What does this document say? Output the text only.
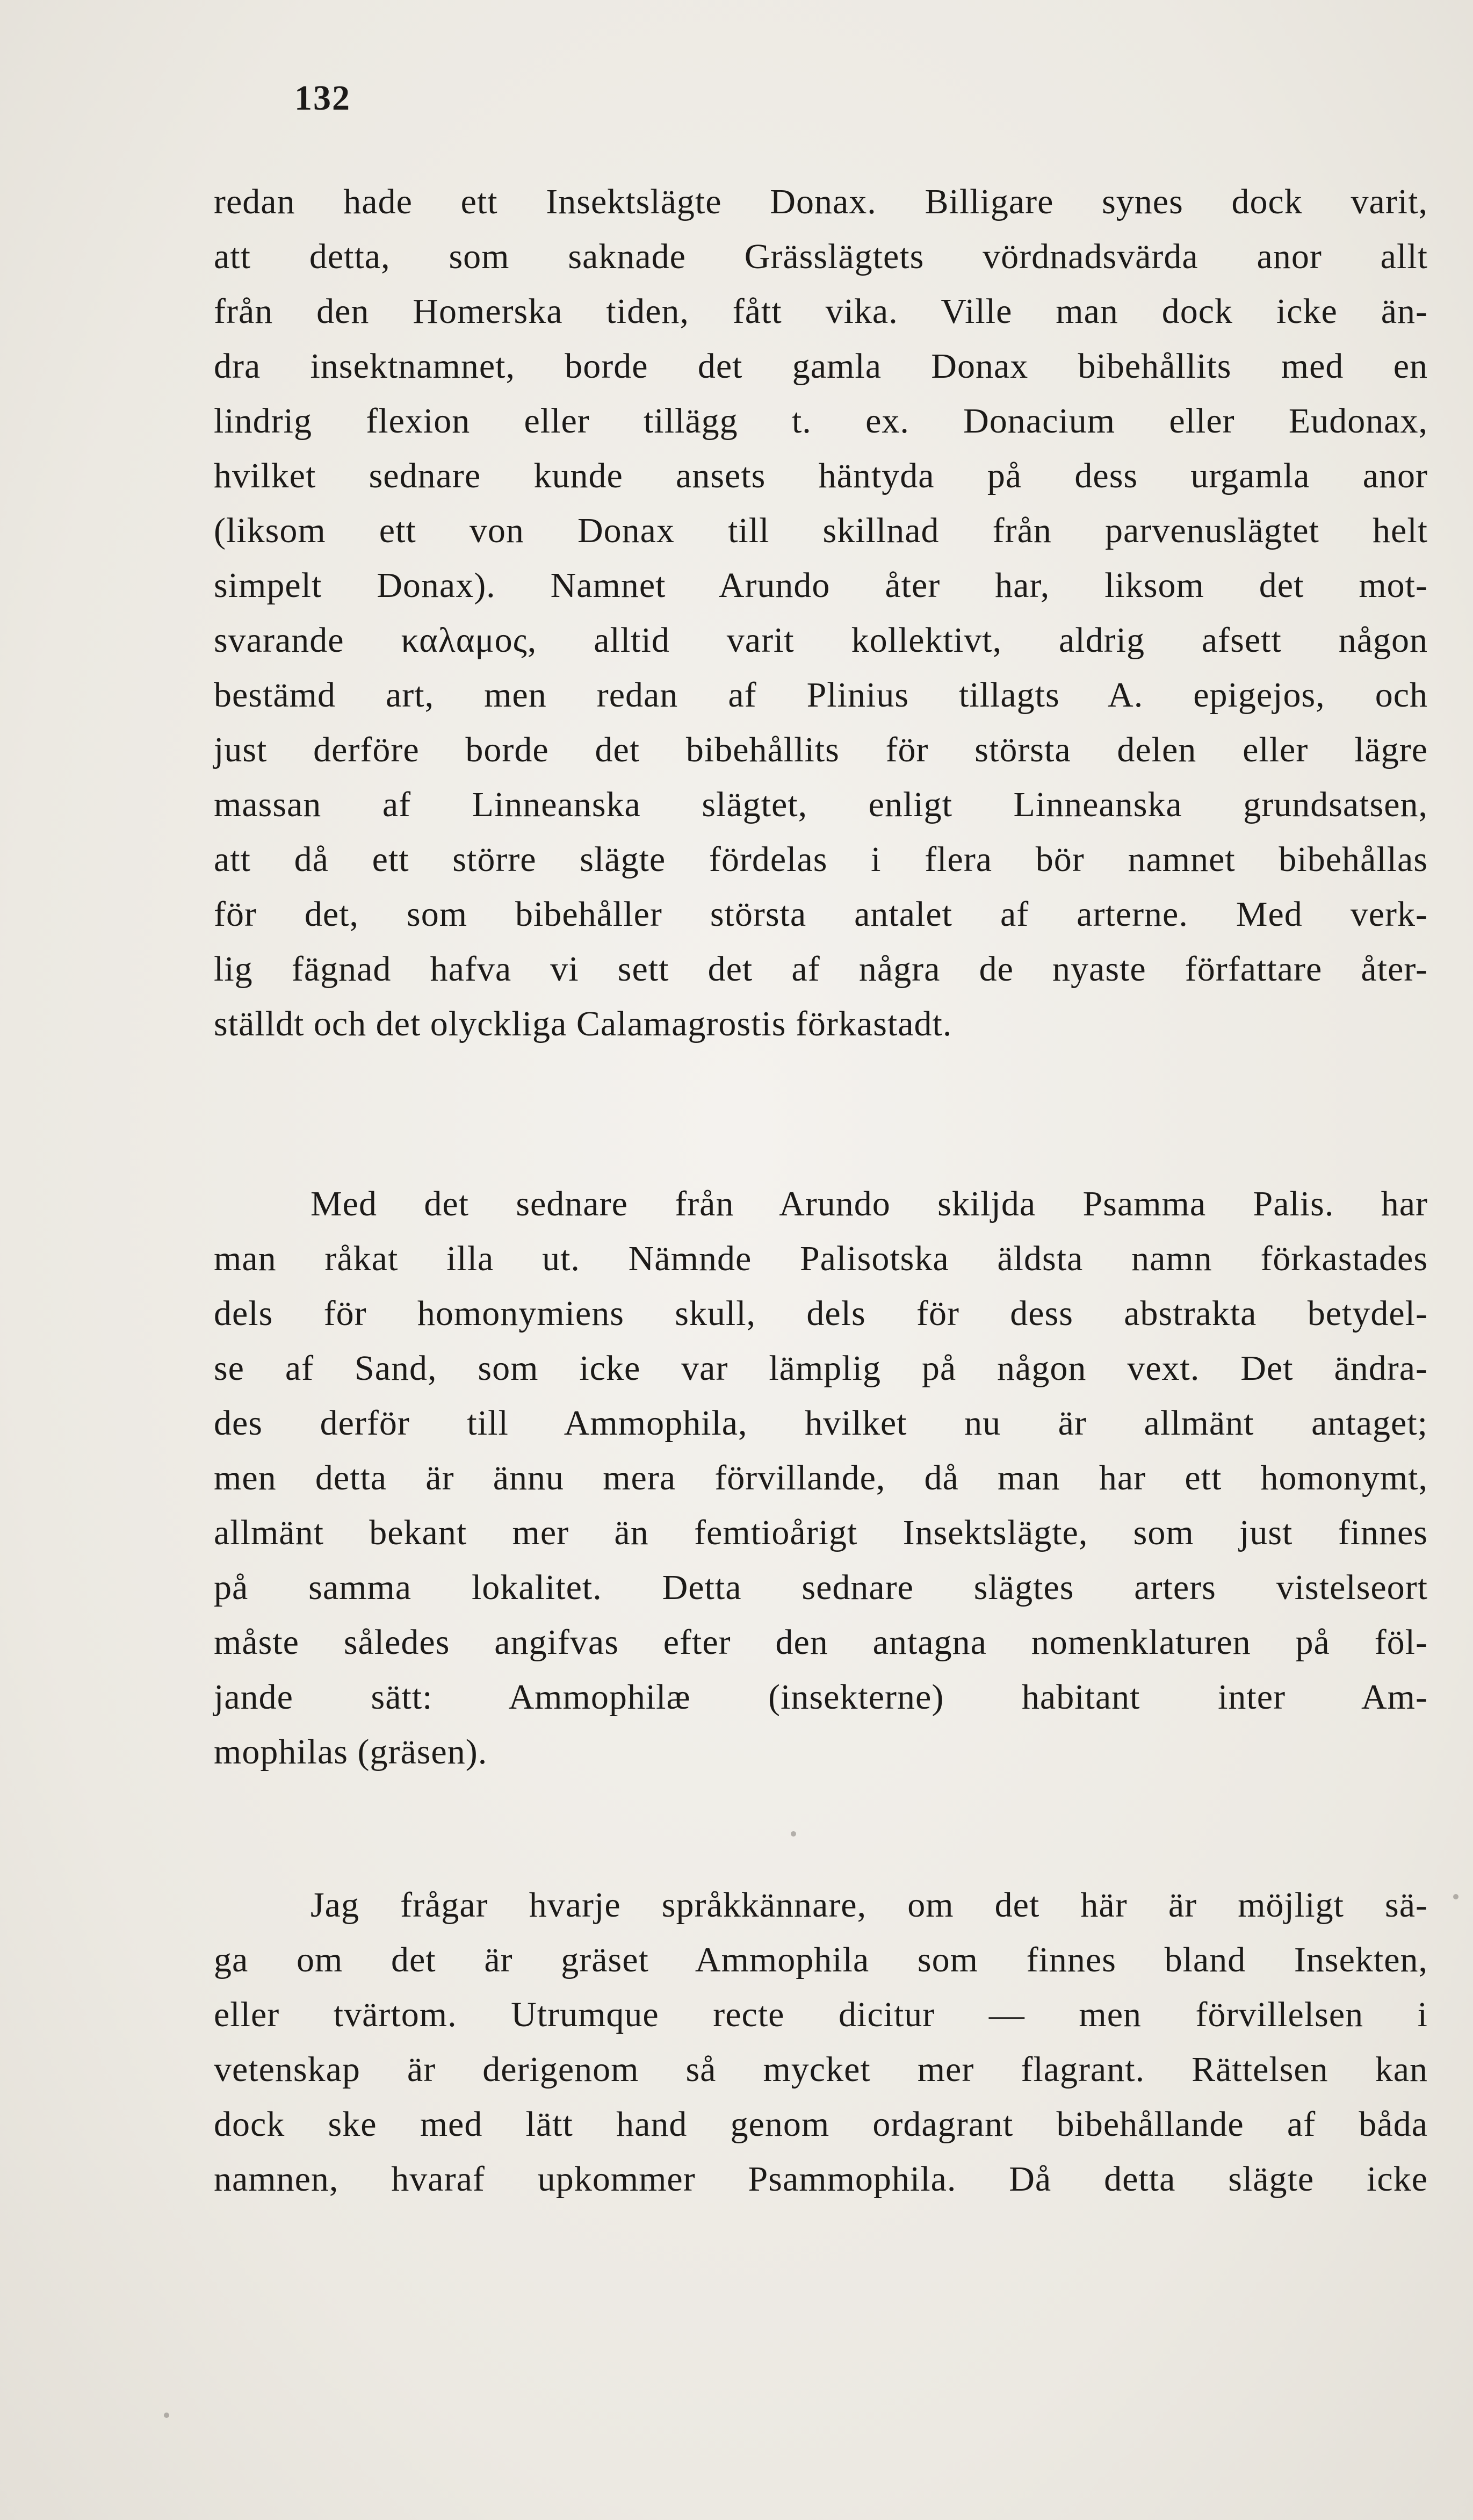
132
redan hade ett Insektslägte Donax. Billigare synes dock varit,
att detta, som saknade Grässlägtets vördnadsvärda anor allt
från den Homerska tiden, fått vika. Ville man dock icke än-
dra insektnamnet, borde det gamla Donax bibehållits med en
lindrig flexion eller tillägg t. ex. Donacium eller Eudonax,
hvilket sednare kunde ansets häntyda på dess urgamla anor
(liksom ett von Donax till skillnad från parvenuslägtet helt
simpelt Donax). Namnet Arundo åter har, liksom det mot-
svarande καλαμος, alltid varit kollektivt, aldrig afsett någon
bestämd art, men redan af Plinius tillagts A. epigejos, och
just derföre borde det bibehållits för största delen eller lägre
massan af Linneanska slägtet, enligt Linneanska grundsatsen,
att då ett större slägte fördelas i flera bör namnet bibehållas
för det, som bibehåller största antalet af arterne. Med verk-
lig fägnad hafva vi sett det af några de nyaste författare åter-
ställdt och det olyckliga Calamagrostis förkastadt.
Med det sednare från Arundo skiljda Psamma Palis. har
man råkat illa ut. Nämnde Palisotska äldsta namn förkastades
dels för homonymiens skull, dels för dess abstrakta betydel-
se af Sand, som icke var lämplig på någon vext. Det ändra-
des derför till Ammophila, hvilket nu är allmänt antaget;
men detta är ännu mera förvillande, då man har ett homonymt,
allmänt bekant mer än femtioårigt Insektslägte, som just finnes
på samma lokalitet. Detta sednare slägtes arters vistelseort
måste således angifvas efter den antagna nomenklaturen på föl-
jande sätt: Ammophilæ (insekterne) habitant inter Am-
mophilas (gräsen).
Jag frågar hvarje språkkännare, om det här är möjligt sä-
ga om det är gräset Ammophila som finnes bland Insekten,
eller tvärtom. Utrumque recte dicitur — men förvillelsen i
vetenskap är derigenom så mycket mer flagrant. Rättelsen kan
dock ske med lätt hand genom ordagrant bibehållande af båda
namnen, hvaraf upkommer Psammophila. Då detta slägte icke
